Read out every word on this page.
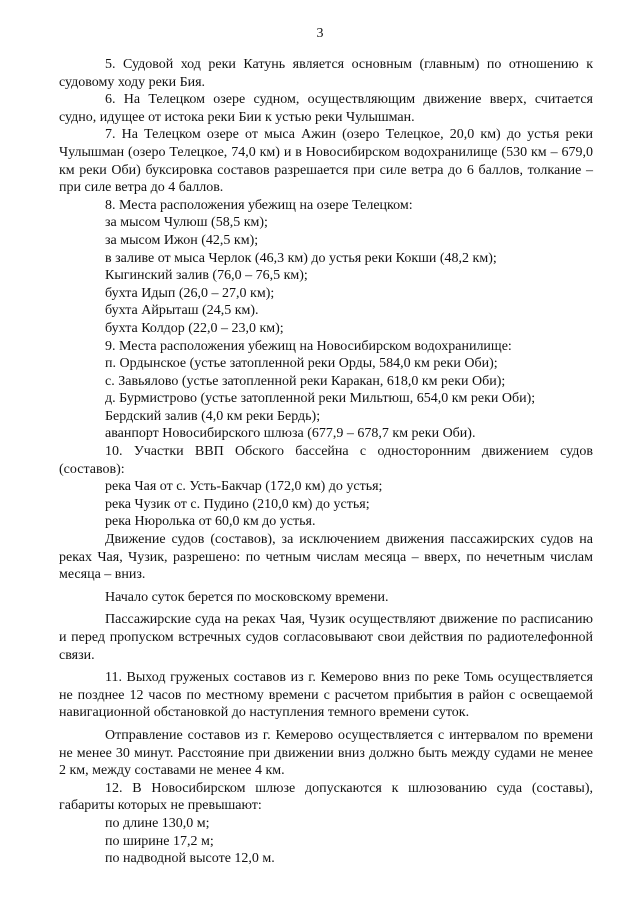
3

5. Судовой ход реки Катунь является основным (главным) по отношению к судовому ходу реки Бия.

6. На Телецком озере судном, осуществляющим движение вверх, считается судно, идущее от истока реки Бии к устью реки Чулышман.

7. На Телецком озере от мыса Ажин (озеро Телецкое, 20,0 км) до устья реки Чулышман (озеро Телецкое, 74,0 км) и в Новосибирском водохранилище (530 км – 679,0 км реки Оби) буксировка составов разрешается при силе ветра до 6 баллов, толкание – при силе ветра до 4 баллов.

8. Места расположения убежищ на озере Телецком:

за мысом Чулюш (58,5 км);

за мысом Ижон (42,5 км);

в заливе от мыса Черлок (46,3 км) до устья реки Кокши (48,2 км);

Кыгинский залив (76,0 – 76,5 км);

бухта Идып (26,0 – 27,0 км);

бухта Айрыташ (24,5 км).

бухта Колдор (22,0 – 23,0 км);

9. Места расположения убежищ на Новосибирском водохранилище:

п. Ордынское (устье затопленной реки Орды, 584,0 км реки Оби);

с. Завьялово (устье затопленной реки Каракан, 618,0 км реки Оби);

д. Бурмистрово (устье затопленной реки Мильтюш, 654,0 км реки Оби);

Бердский залив (4,0 км реки Бердь);

аванпорт Новосибирского шлюза (677,9 – 678,7 км реки Оби).

10. Участки ВВП Обского бассейна с односторонним движением судов (составов):

река Чая от с. Усть-Бакчар (172,0 км) до устья;

река Чузик от с. Пудино (210,0 км) до устья;

река Нюролька от 60,0 км до устья.

Движение судов (составов), за исключением движения пассажирских судов на реках Чая, Чузик, разрешено: по четным числам месяца – вверх, по нечетным числам месяца – вниз.

Начало суток берется по московскому времени.

Пассажирские суда на реках Чая, Чузик осуществляют движение по расписанию и перед пропуском встречных судов согласовывают свои действия по радиотелефонной связи.

11. Выход груженых составов из г. Кемерово вниз по реке Томь осуществляется не позднее 12 часов по местному времени с расчетом прибытия в район с освещаемой навигационной обстановкой до наступления темного времени суток.

Отправление составов из г. Кемерово осуществляется с интервалом по времени не менее 30 минут. Расстояние при движении вниз должно быть между судами не менее 2 км, между составами не менее 4 км.

12. В Новосибирском шлюзе допускаются к шлюзованию суда (составы), габариты которых не превышают:

по длине 130,0 м;

по ширине 17,2 м;

по надводной высоте 12,0 м.
